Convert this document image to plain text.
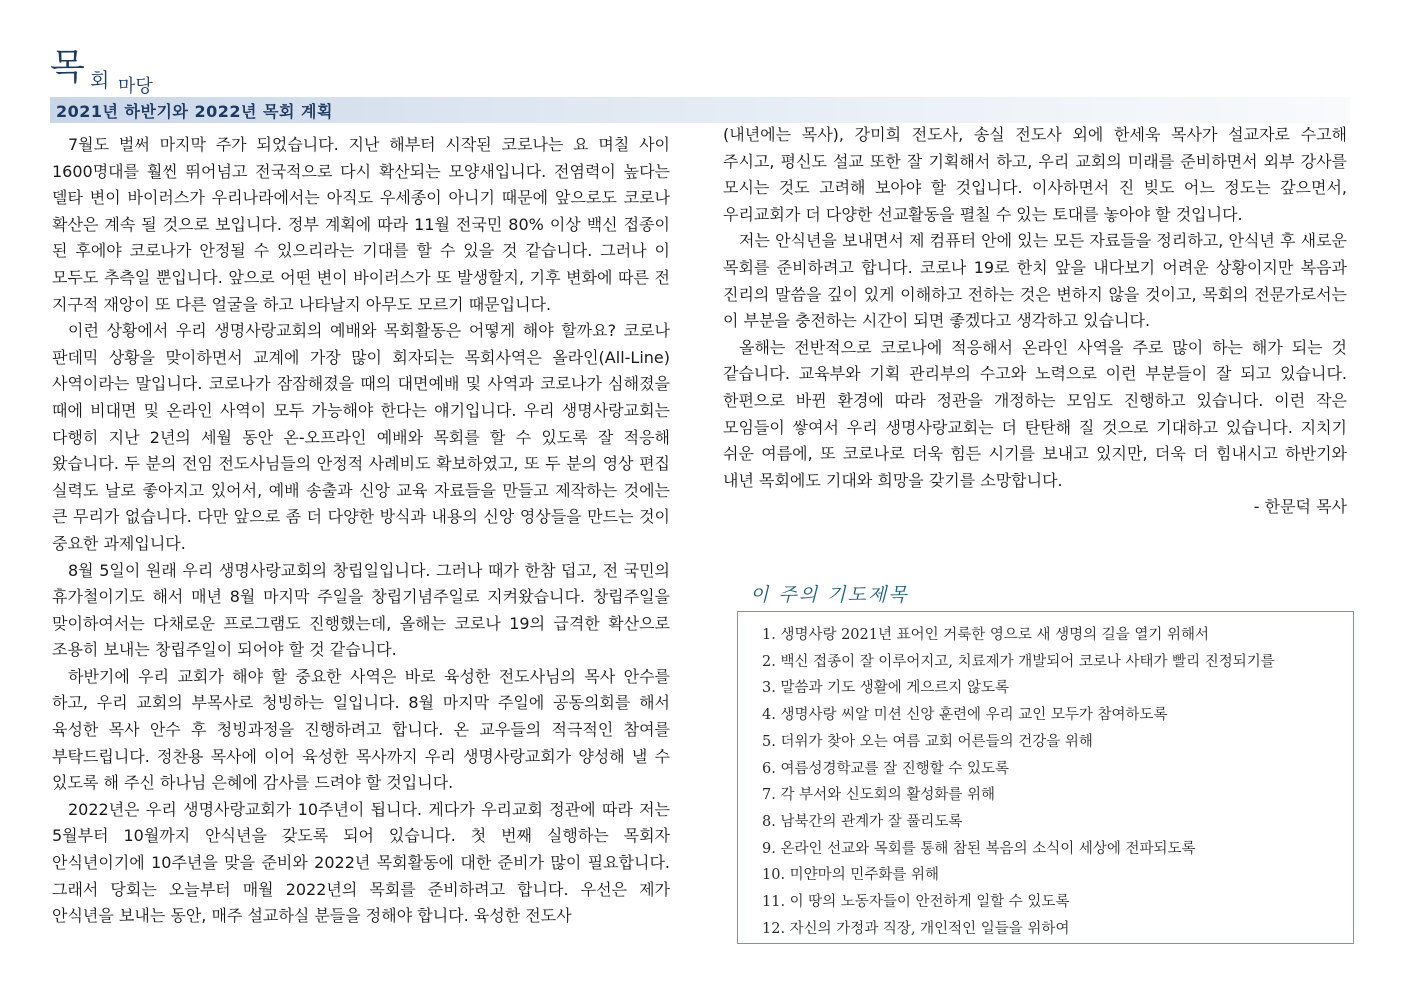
목 회 마당
2021년 하반기와 2022년 목회 계획

7월도 벌써 마지막 주가 되었습니다. 지난 해부터 시작된 코로나는 요 며칠 사이 1600명대를 훨씬 뛰어넘고 전국적으로 다시 확산되는 모양새입니다. 전염력이 높다는 델타 변이 바이러스가 우리나라에서는 아직도 우세종이 아니기 때문에 앞으로도 코로나 확산은 계속 될 것으로 보입니다. 정부 계획에 따라 11월 전국민 80% 이상 백신 접종이 된 후에야 코로나가 안정될 수 있으리라는 기대를 할 수 있을 것 같습니다. 그러나 이 모두도 추측일 뿐입니다. 앞으로 어떤 변이 바이러스가 또 발생할지, 기후 변화에 따른 전 지구적 재앙이 또 다른 얼굴을 하고 나타날지 아무도 모르기 때문입니다.

이런 상황에서 우리 생명사랑교회의 예배와 목회활동은 어떻게 해야 할까요? 코로나 판데믹 상황을 맞이하면서 교계에 가장 많이 회자되는 목회사역은 올라인(All-Line) 사역이라는 말입니다. 코로나가 잠잠해졌을 때의 대면예배 및 사역과 코로나가 심해졌을 때에 비대면 및 온라인 사역이 모두 가능해야 한다는 얘기입니다. 우리 생명사랑교회는 다행히 지난 2년의 세월 동안 온-오프라인 예배와 목회를 할 수 있도록 잘 적응해 왔습니다. 두 분의 전임 전도사님들의 안정적 사례비도 확보하였고, 또 두 분의 영상 편집 실력도 날로 좋아지고 있어서, 예배 송출과 신앙 교육 자료들을 만들고 제작하는 것에는 큰 무리가 없습니다. 다만 앞으로 좀 더 다양한 방식과 내용의 신앙 영상들을 만드는 것이 중요한 과제입니다.

8월 5일이 원래 우리 생명사랑교회의 창립일입니다. 그러나 때가 한참 덥고, 전 국민의 휴가철이기도 해서 매년 8월 마지막 주일을 창립기념주일로 지켜왔습니다. 창립주일을 맞이하여서는 다채로운 프로그램도 진행했는데, 올해는 코로나 19의 급격한 확산으로 조용히 보내는 창립주일이 되어야 할 것 같습니다.

하반기에 우리 교회가 해야 할 중요한 사역은 바로 육성한 전도사님의 목사 안수를 하고, 우리 교회의 부목사로 청빙하는 일입니다. 8월 마지막 주일에 공동의회를 해서 육성한 목사 안수 후 청빙과정을 진행하려고 합니다. 온 교우들의 적극적인 참여를 부탁드립니다. 정찬용 목사에 이어 육성한 목사까지 우리 생명사랑교회가 양성해 낼 수 있도록 해 주신 하나님 은혜에 감사를 드려야 할 것입니다.

2022년은 우리 생명사랑교회가 10주년이 됩니다. 게다가 우리교회 정관에 따라 저는 5월부터 10월까지 안식년을 갖도록 되어 있습니다. 첫 번째 실행하는 목회자 안식년이기에 10주년을 맞을 준비와 2022년 목회활동에 대한 준비가 많이 필요합니다. 그래서 당회는 오늘부터 매월 2022년의 목회를 준비하려고 합니다. 우선은 제가 안식년을 보내는 동안, 매주 설교하실 분들을 정해야 합니다. 육성한 전도사

(내년에는 목사), 강미희 전도사, 송실 전도사 외에 한세욱 목사가 설교자로 수고해 주시고, 평신도 설교 또한 잘 기획해서 하고, 우리 교회의 미래를 준비하면서 외부 강사를 모시는 것도 고려해 보아야 할 것입니다. 이사하면서 진 빚도 어느 정도는 갚으면서, 우리교회가 더 다양한 선교활동을 펼칠 수 있는 토대를 놓아야 할 것입니다.

저는 안식년을 보내면서 제 컴퓨터 안에 있는 모든 자료들을 정리하고, 안식년 후 새로운 목회를 준비하려고 합니다. 코로나 19로 한치 앞을 내다보기 어려운 상황이지만 복음과 진리의 말씀을 깊이 있게 이해하고 전하는 것은 변하지 않을 것이고, 목회의 전문가로서는 이 부분을 충전하는 시간이 되면 좋겠다고 생각하고 있습니다.

올해는 전반적으로 코로나에 적응해서 온라인 사역을 주로 많이 하는 해가 되는 것 같습니다. 교육부와 기획 관리부의 수고와 노력으로 이런 부분들이 잘 되고 있습니다. 한편으로 바뀐 환경에 따라 정관을 개정하는 모임도 진행하고 있습니다. 이런 작은 모임들이 쌓여서 우리 생명사랑교회는 더 탄탄해 질 것으로 기대하고 있습니다. 지치기 쉬운 여름에, 또 코로나로 더욱 힘든 시기를 보내고 있지만, 더욱 더 힘내시고 하반기와 내년 목회에도 기대와 희망을 갖기를 소망합니다.

- 한문덕 목사

이 주의 기도제목
1. 생명사랑 2021년 표어인 거룩한 영으로 새 생명의 길을 열기 위해서
2. 백신 접종이 잘 이루어지고, 치료제가 개발되어 코로나 사태가 빨리 진정되기를
3. 말씀과 기도 생활에 게으르지 않도록
4. 생명사랑 씨알 미션 신앙 훈련에 우리 교인 모두가 참여하도록
5. 더위가 찾아 오는 여름 교회 어른들의 건강을 위해
6. 여름성경학교를 잘 진행할 수 있도록
7. 각 부서와 신도회의 활성화를 위해
8. 남북간의 관계가 잘 풀리도록
9. 온라인 선교와 목회를 통해 참된 복음의 소식이 세상에 전파되도록
10. 미얀마의 민주화를 위해
11. 이 땅의 노동자들이 안전하게 일할 수 있도록
12. 자신의 가정과 직장, 개인적인 일들을 위하여
